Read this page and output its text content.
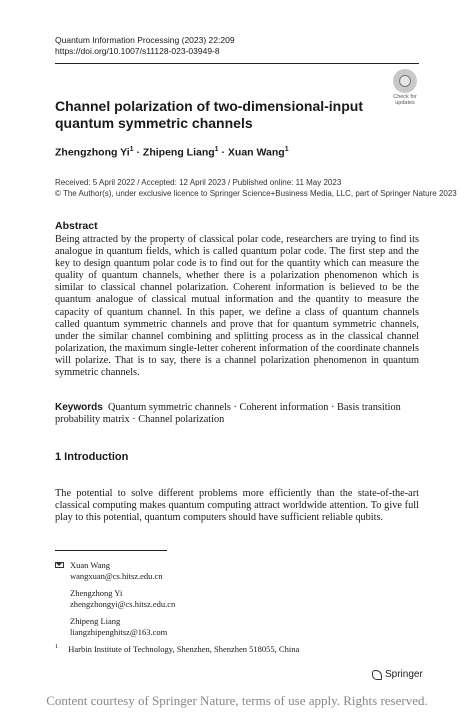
Quantum Information Processing (2023) 22:209
https://doi.org/10.1007/s11128-023-03949-8
Check for
updates
Channel polarization of two-dimensional-input quantum symmetric channels
Zhengzhong $Yi^1$ · Zhipeng Liang$^1$ · Xuan Wang$^1$
Received: 5 April 2022 / Accepted: 12 April 2023 / Published online: 11 May 2023
© The Author(s), under exclusive licence to Springer Science+Business Media, LLC, part of Springer Nature 2023
Abstract
Being attracted by the property of classical polar code, researchers are trying to find its analogue in quantum fields, which is called quantum polar code. The first step and the key to design quantum polar code is to find out for the quantity which can measure the quality of quantum channels, whether there is a polarization phenomenon which is similar to classical channel polarization. Coherent information is believed to be the quantum analogue of classical mutual information and the quantity to measure the capacity of quantum channel. In this paper, we define a class of quantum channels called quantum symmetric channels and prove that for quantum symmetric channels, under the similar channel combining and splitting process as in the classical channel polarization, the maximum single-letter coherent information of the coordinate channels will polarize. That is to say, there is a channel polarization phenomenon in quantum symmetric channels.
Keywords Quantum symmetric channels · Coherent information · Basis transition probability matrix · Channel polarization
1 Introduction
The potential to solve different problems more efficiently than the state-of-the-art classical computing makes quantum computing attract worldwide attention. To give full play to this potential, quantum computers should have sufficient reliable qubits.
Xuan Wang
wangxuan@cs.hitsz.edu.cn
Zhengzhong Yi
zhengzhongyi@cs.hitsz.edu.cn
Zhipeng Liang
liangzhipenghitsz@163.com
$^1$ Harbin Institute of Technology, Shenzhen, Shenzhen 518055, China
Springer
Content courtesy of Springer Nature, terms of use apply. Rights reserved.
